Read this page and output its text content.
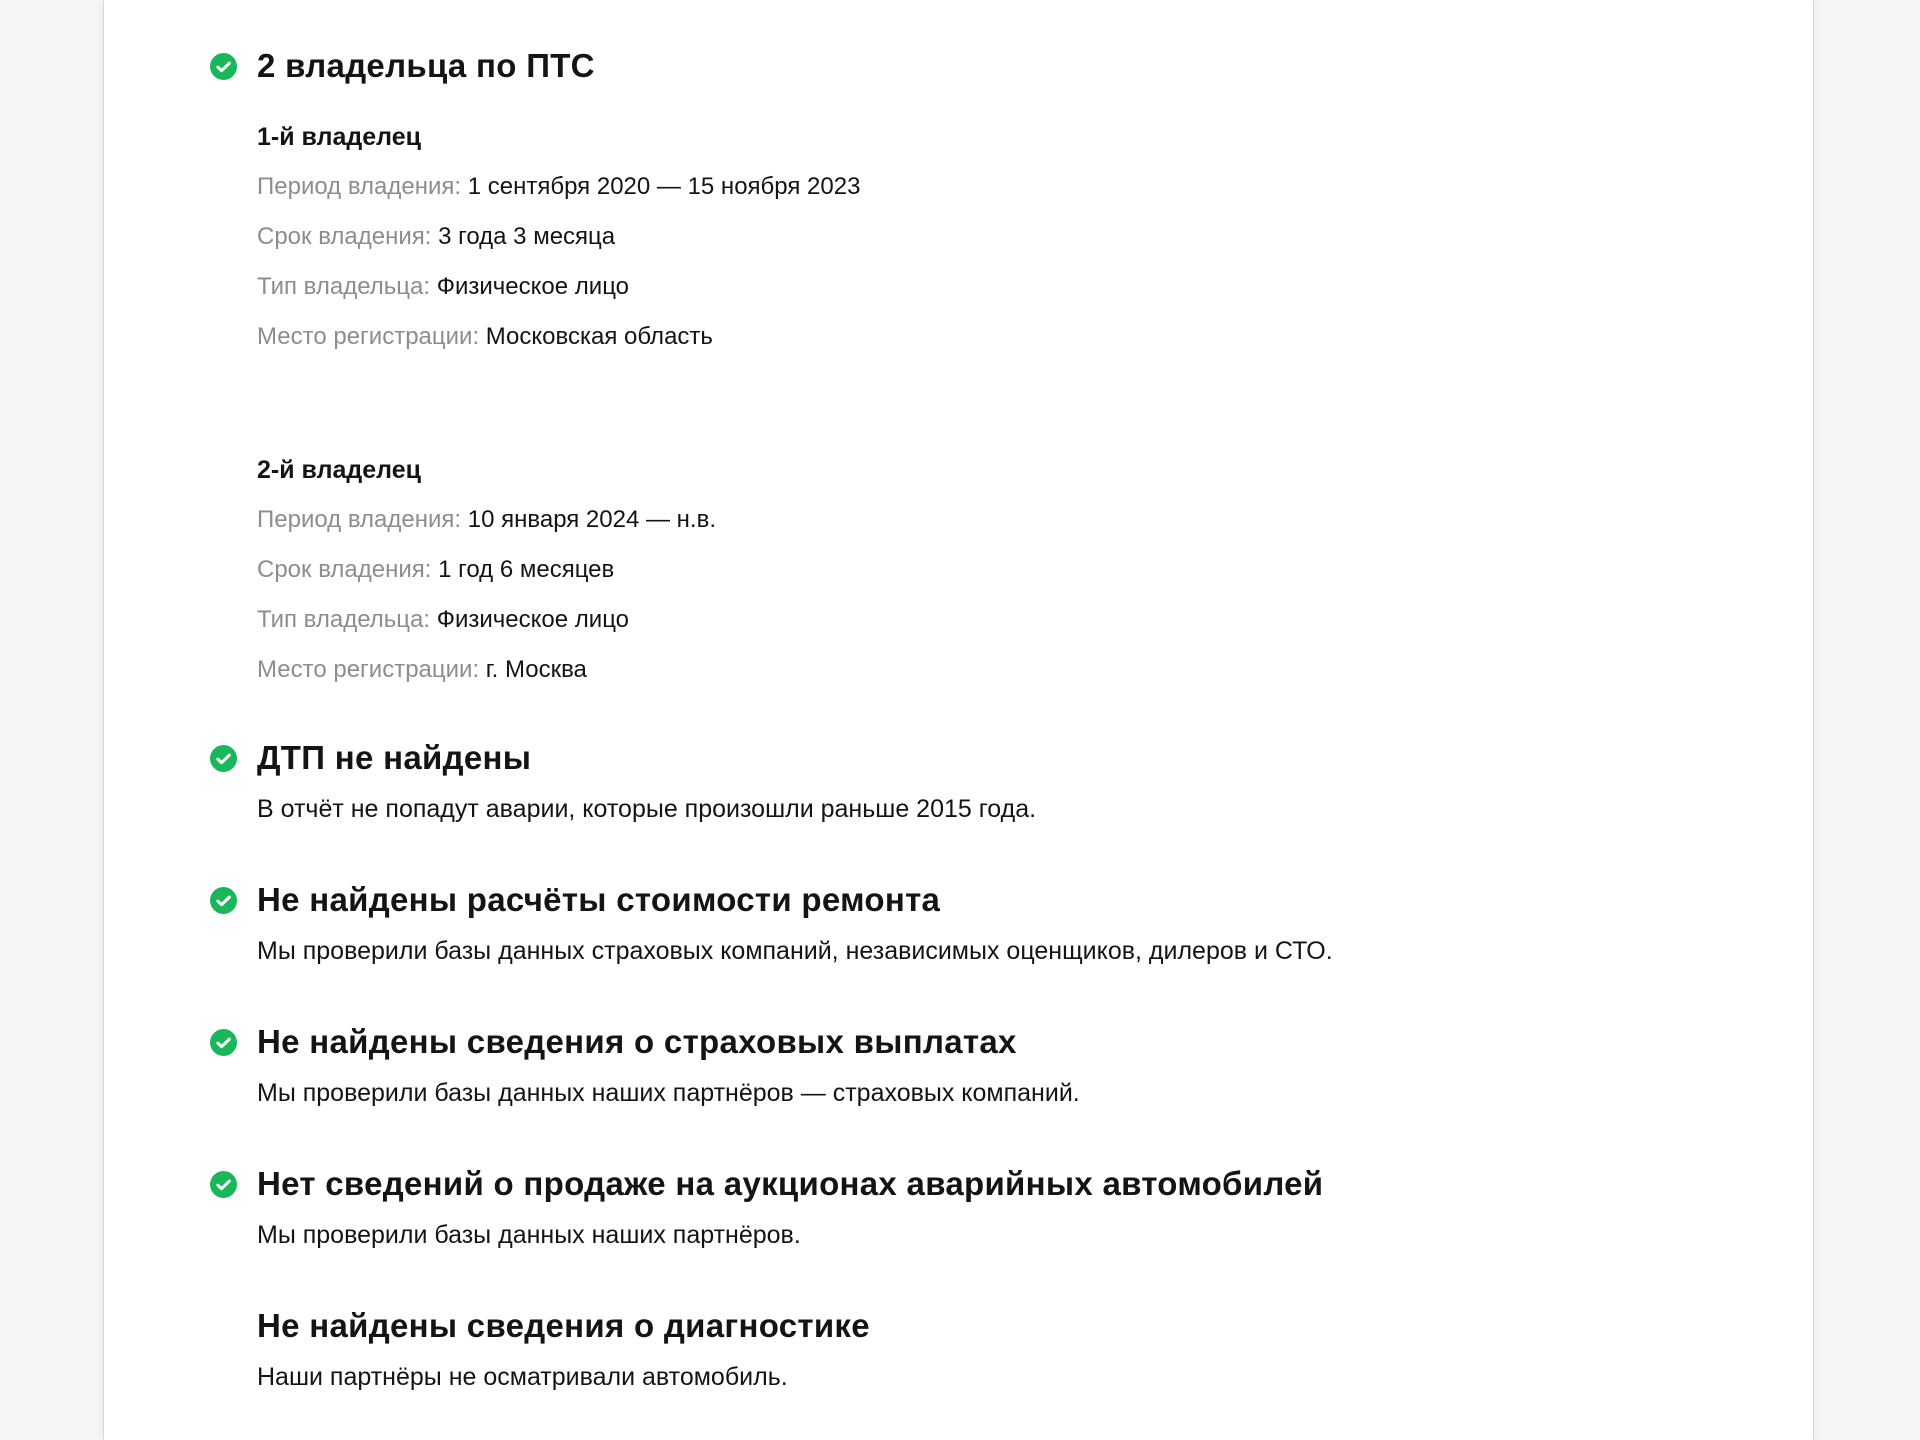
2 владельца по ПТС
1-й владелец
Период владения: 1 сентября 2020 — 15 ноября 2023
Срок владения: 3 года 3 месяца
Тип владельца: Физическое лицо
Место регистрации: Московская область
2-й владелец
Период владения: 10 января 2024 — н.в.
Срок владения: 1 год 6 месяцев
Тип владельца: Физическое лицо
Место регистрации: г. Москва
ДТП не найдены

В отчёт не попадут аварии, которые произошли раньше 2015 года.

Не найдены расчёты стоимости ремонта

Мы проверили базы данных страховых компаний, независимых оценщиков, дилеров и СТО.

Не найдены сведения о страховых выплатах

Мы проверили базы данных наших партнёров — страховых компаний.

Нет сведений о продаже на аукционах аварийных автомобилей

Мы проверили базы данных наших партнёров.

Не найдены сведения о диагностике

Наши партнёры не осматривали автомобиль.
